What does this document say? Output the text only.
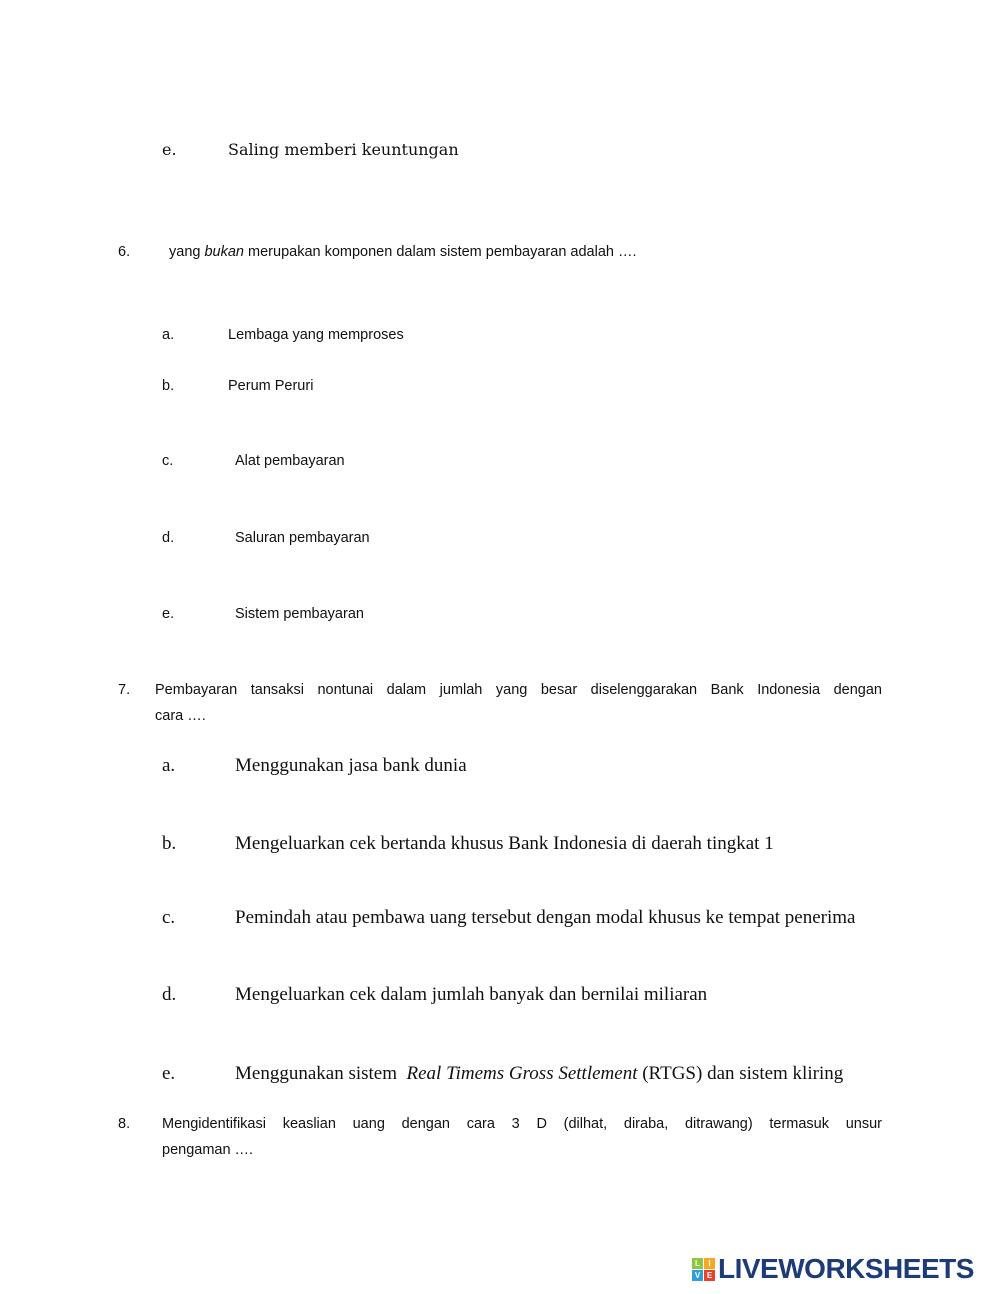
e.	Saling memberi keuntungan
6.	yang bukan merupakan komponen dalam sistem pembayaran adalah ….
a.	Lembaga yang memproses
b.	Perum Peruri
c.	Alat pembayaran
d.	Saluran pembayaran
e.	Sistem pembayaran
7. Pembayaran tansaksi nontunai dalam jumlah yang besar diselenggarakan Bank Indonesia dengan
cara ….
a.	Menggunakan jasa bank dunia
b.	Mengeluarkan cek bertanda khusus Bank Indonesia di daerah tingkat 1
c.	Pemindah atau pembawa uang tersebut dengan modal khusus ke tempat penerima
d.	Mengeluarkan cek dalam jumlah banyak dan bernilai miliaran
e.	Menggunakan sistem  Real Timems Gross Settlement (RTGS) dan sistem kliring
8. Mengidentifikasi keaslian uang dengan cara 3 D (dilhat, diraba, ditrawang) termasuk unsur
pengaman ….
L	I
V E LIVEWORKSHEETS
